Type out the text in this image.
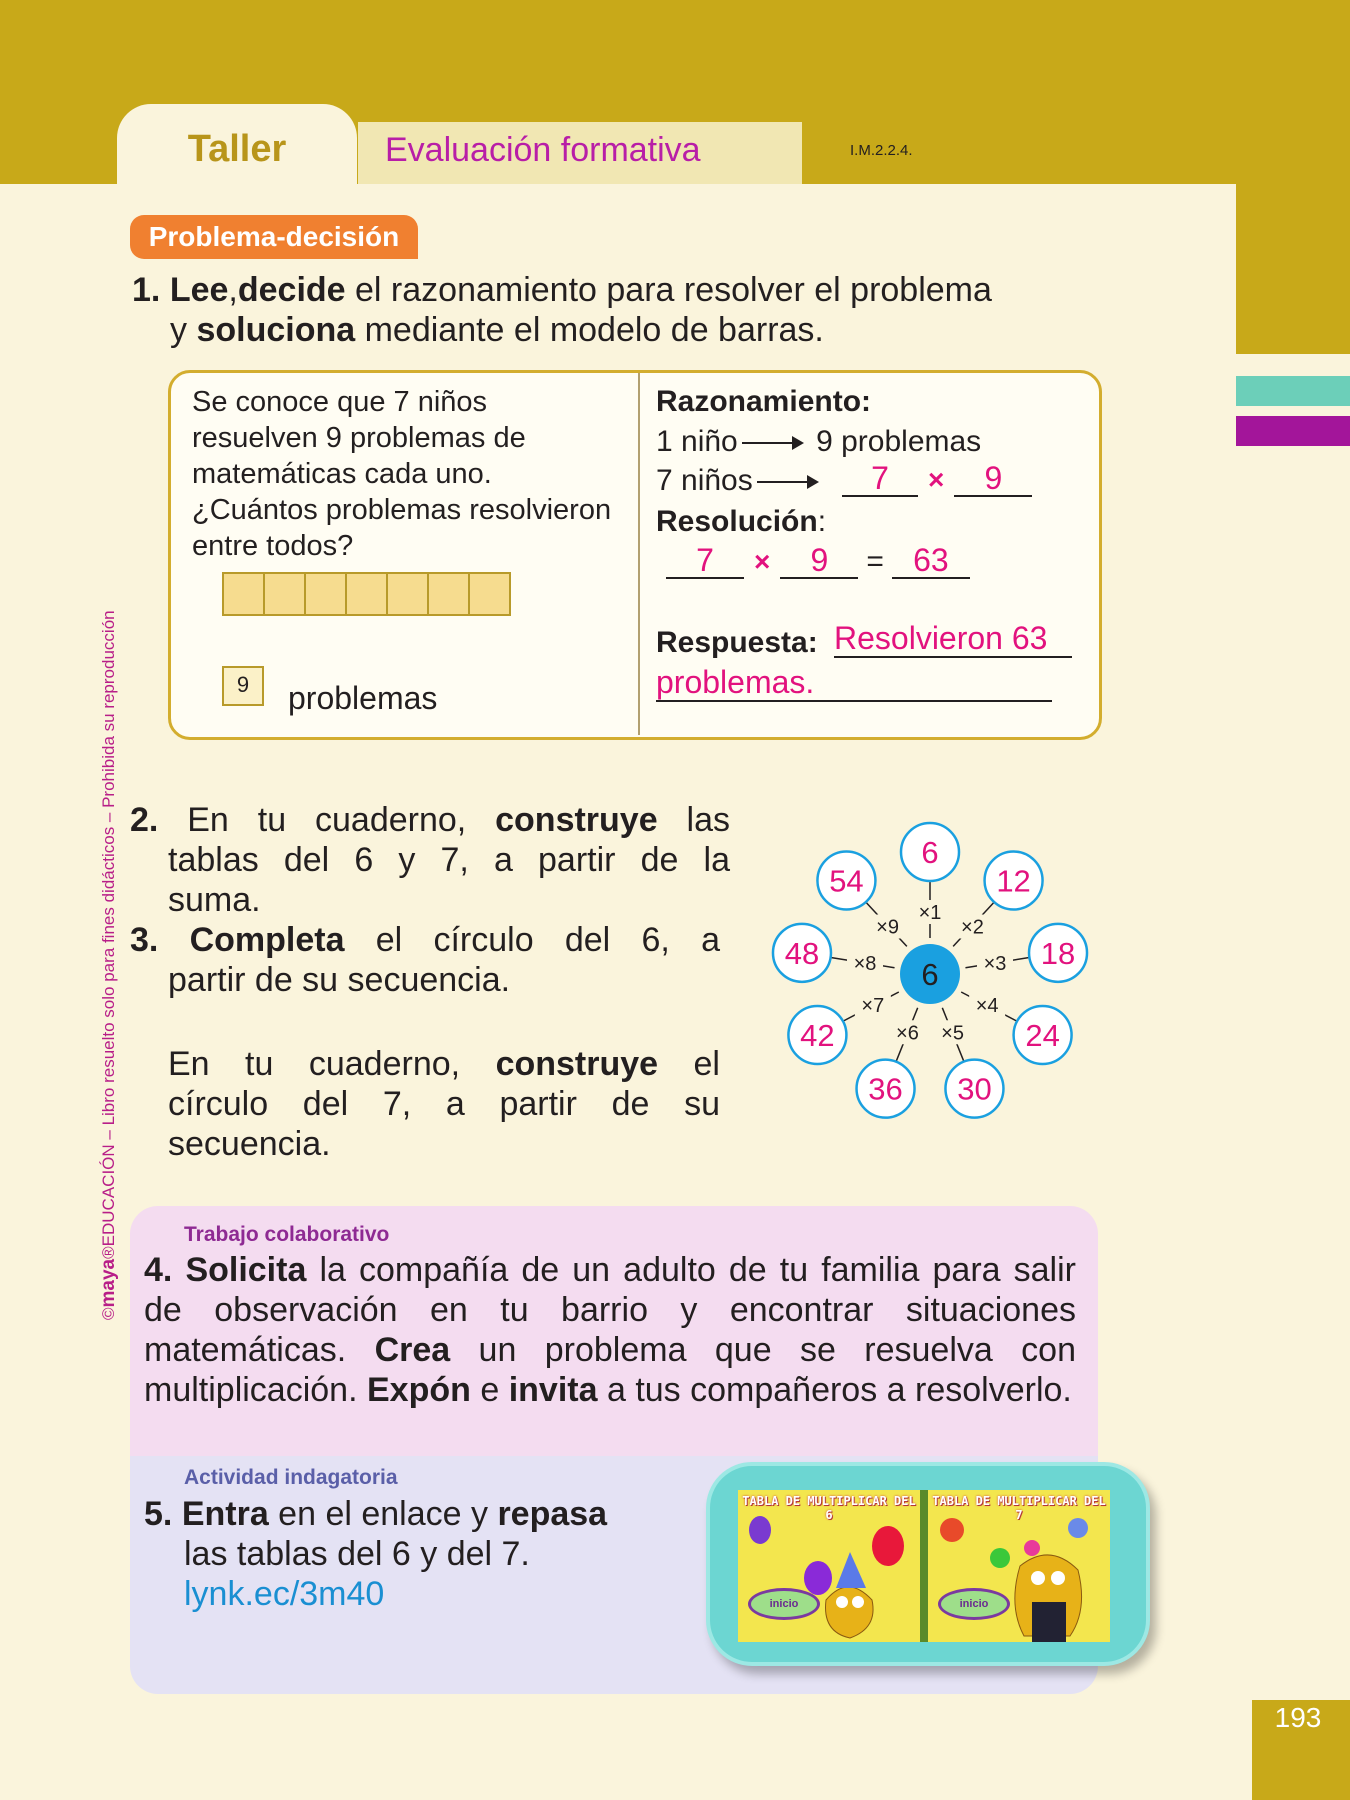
Taller	Evaluación formativa	I.M.2.2.4.
©maya®EDUCACIÓN – Libro resuelto solo para fines didácticos – Prohibida su reproducción
Problema-decisión
1. Lee,decide el razonamiento para resolver el problema
y soluciona mediante el modelo de barras.
Se conoce que 7 niños resuelven 9 problemas de matemáticas cada uno. ¿Cuántos problemas resolvieron entre todos?
9	problemas
Razonamiento:
1 niño	9 problemas
7 niños	7 × 9
Resolución:
7 × 9 = 63
Respuesta: Resolvieron 63
problemas.
2. En tu cuaderno, construye las
tablas del 6 y 7, a partir de la
suma.
3. Completa el círculo del 6, a
partir de su secuencia.
En tu cuaderno, construye el círculo del 7, a partir de su secuencia.
×1
6
×2
12
×3 18
×4
24
×5
30
×6
36
×7
42
×8
48
×9
54
6
Trabajo colaborativo
4. Solicita la compañía de un adulto de tu familia para salir de observación en tu barrio y encontrar situaciones matemáticas. Crea un problema que se resuelva con multiplicación. Expón e invita a tus compañeros a resolverlo.
Actividad indagatoria
5. Entra en el enlace y repasa
las tablas del 6 y del 7.
lynk.ec/3m40
TABLA DE MULTIPLICAR DEL 6
inicio
TABLA DE MULTIPLICAR DEL 7
inicio
193
